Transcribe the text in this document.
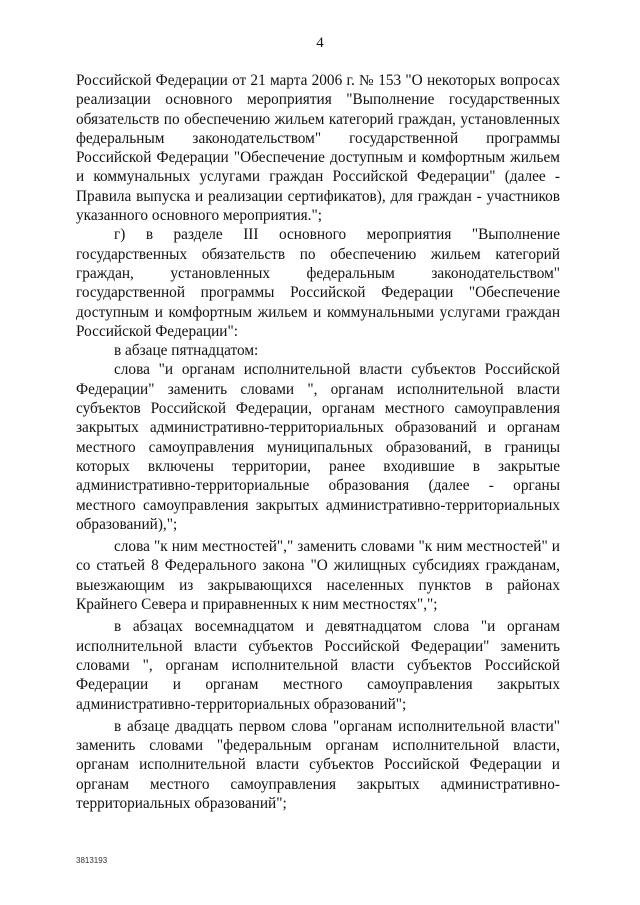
4

Российской Федерации от 21 марта 2006 г. № 153 "О некоторых вопросах реализации основного мероприятия "Выполнение государственных обязательств по обеспечению жильем категорий граждан, установленных федеральным законодательством" государственной программы Российской Федерации "Обеспечение доступным и комфортным жильем и коммунальных услугами граждан Российской Федерации" (далее - Правила выпуска и реализации сертификатов), для граждан - участников указанного основного мероприятия.";

г) в разделе III основного мероприятия "Выполнение государственных обязательств по обеспечению жильем категорий граждан, установленных федеральным законодательством" государственной программы Российской Федерации "Обеспечение доступным и комфортным жильем и коммунальными услугами граждан Российской Федерации":

в абзаце пятнадцатом:

слова "и органам исполнительной власти субъектов Российской Федерации" заменить словами ", органам исполнительной власти субъектов Российской Федерации, органам местного самоуправления закрытых административно-территориальных образований и органам местного самоуправления муниципальных образований, в границы которых включены территории, ранее входившие в закрытые административно-территориальные образования (далее - органы местного самоуправления закрытых административно-территориальных образований),";

слова "к ним местностей"," заменить словами "к ним местностей" и со статьей 8 Федерального закона "О жилищных субсидиях гражданам, выезжающим из закрывающихся населенных пунктов в районах Крайнего Севера и приравненных к ним местностях",";

в абзацах восемнадцатом и девятнадцатом слова "и органам исполнительной власти субъектов Российской Федерации" заменить словами ", органам исполнительной власти субъектов Российской Федерации и органам местного самоуправления закрытых административно-территориальных образований";

в абзаце двадцать первом слова "органам исполнительной власти" заменить словами "федеральным органам исполнительной власти, органам исполнительной власти субъектов Российской Федерации и органам местного самоуправления закрытых административно-территориальных образований";

3813193
